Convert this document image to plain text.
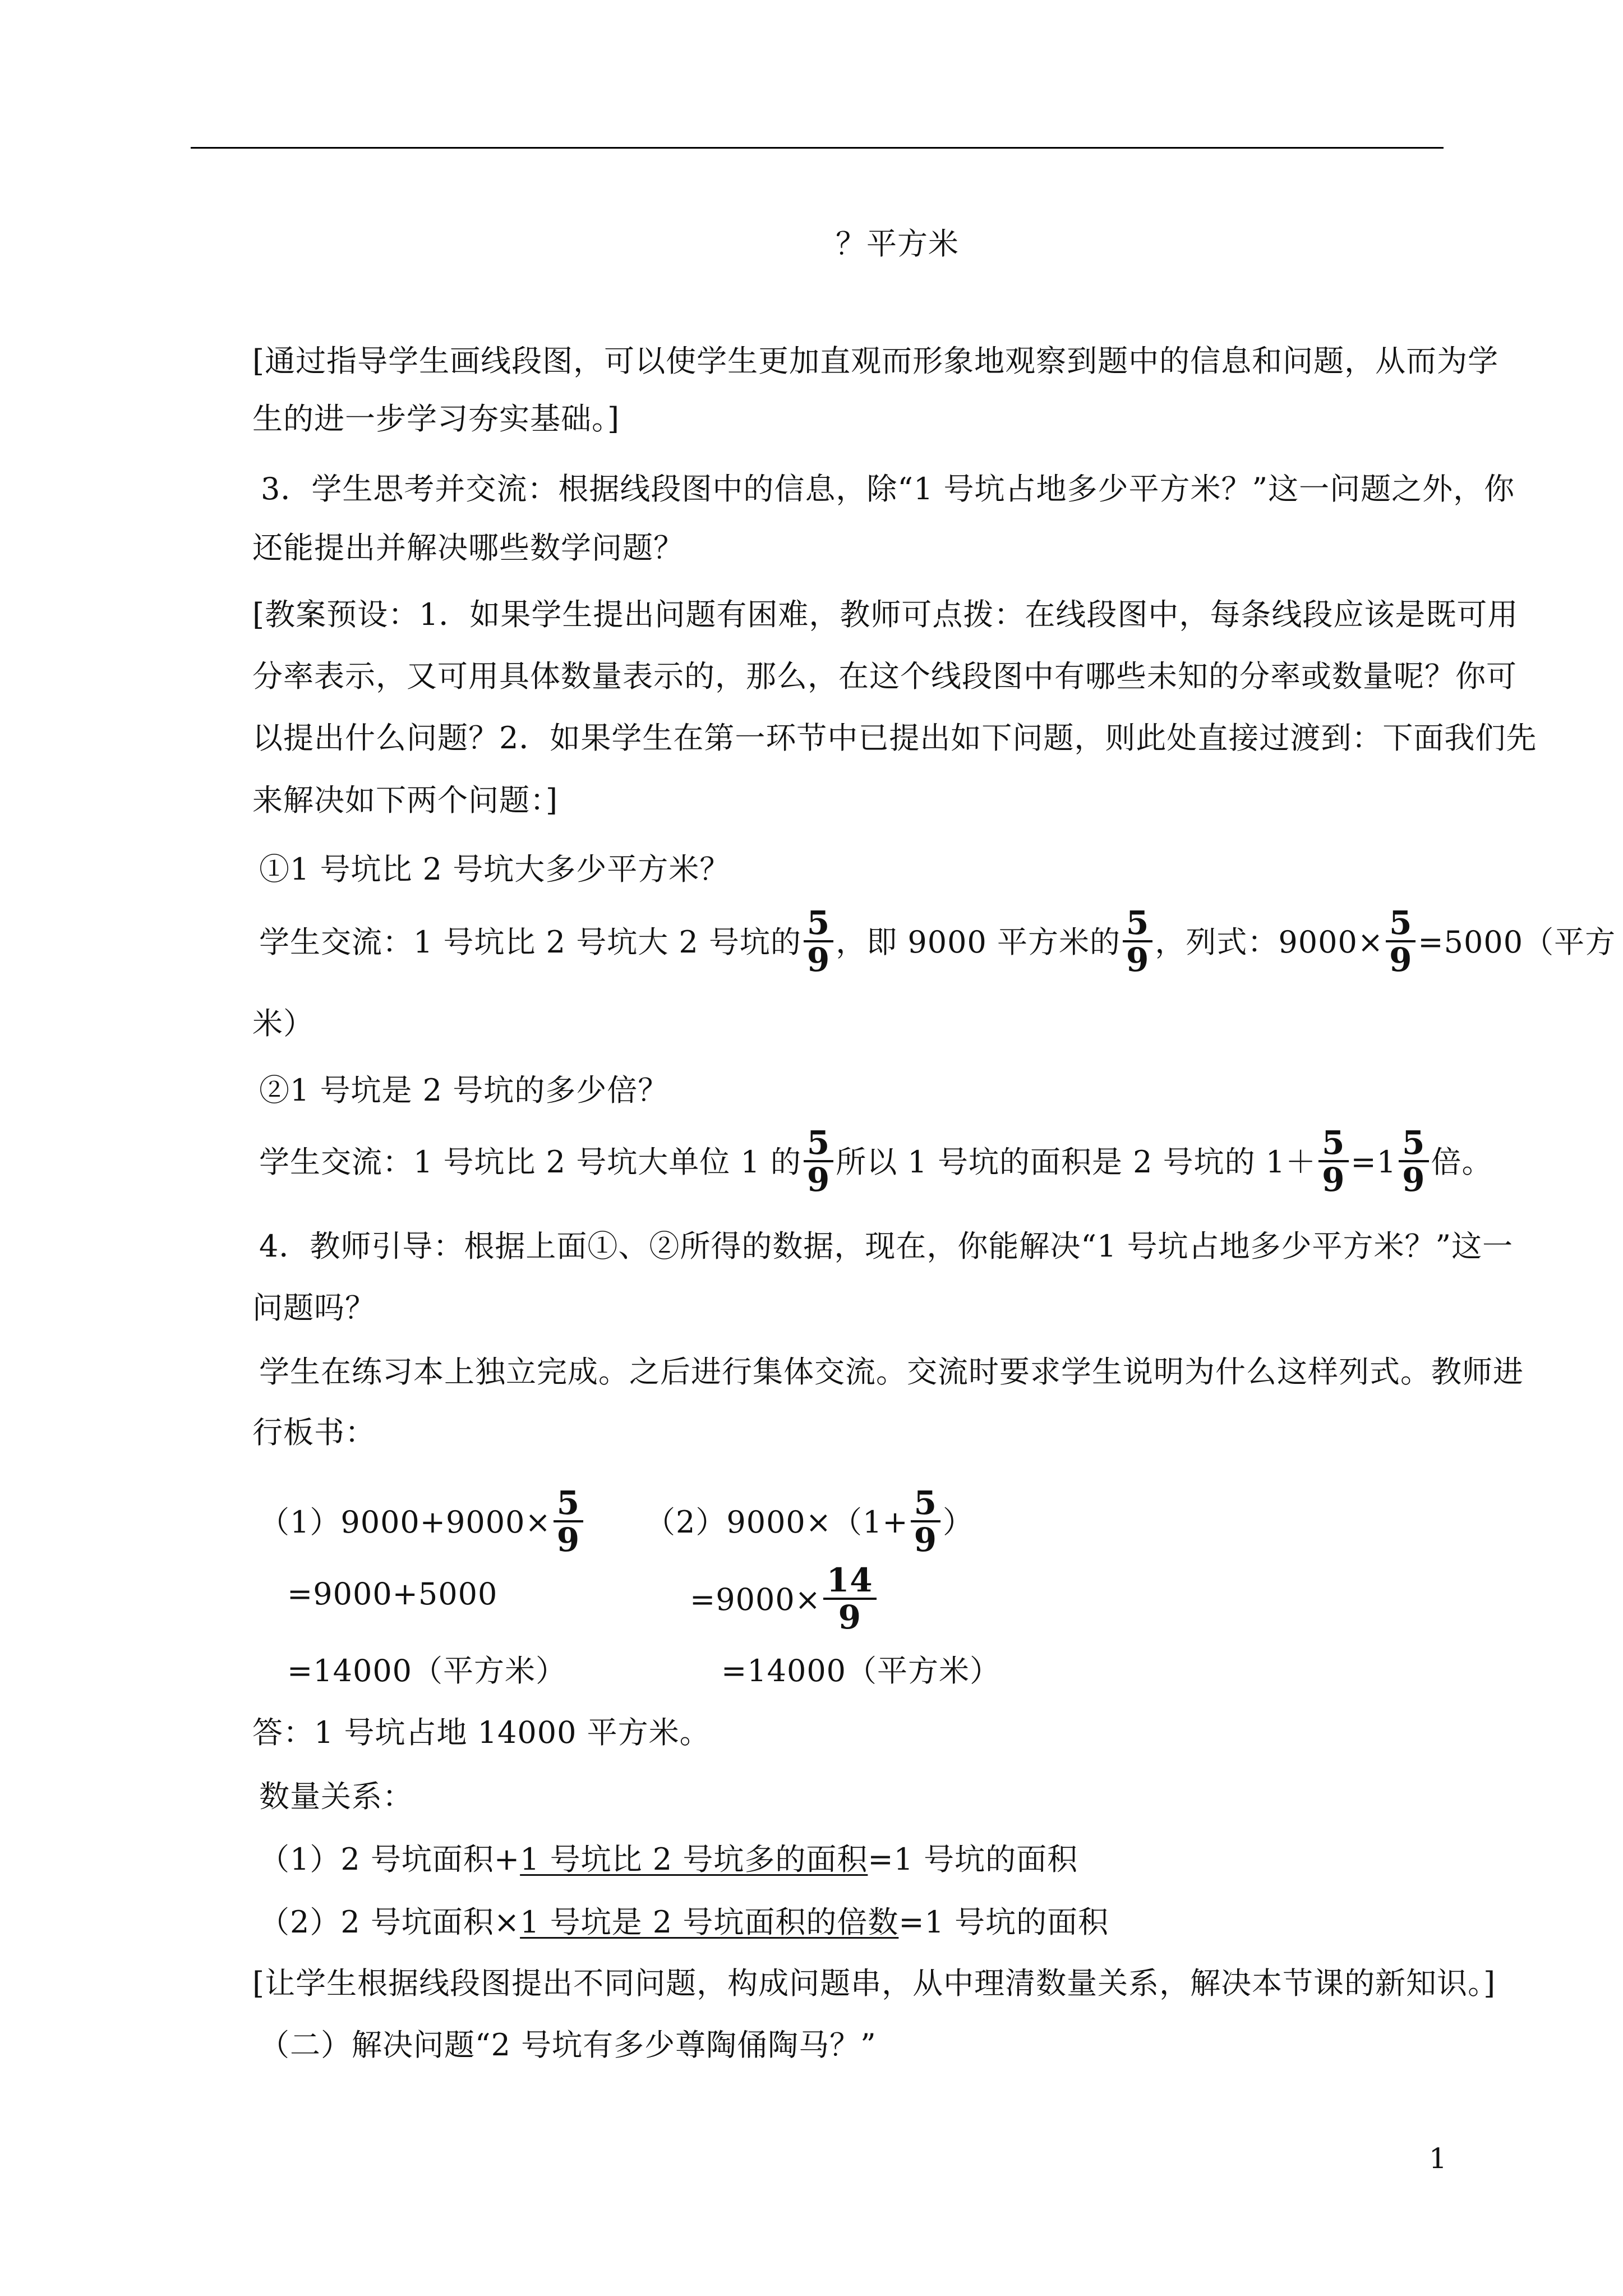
？平方米
[通过指导学生画线段图，可以使学生更加直观而形象地观察到题中的信息和问题，从而为学
生的进一步学习夯实基础。]
3．学生思考并交流：根据线段图中的信息，除“1 号坑占地多少平方米？”这一问题之外，你
还能提出并解决哪些数学问题？
[教案预设：1．如果学生提出问题有困难，教师可点拨：在线段图中，每条线段应该是既可用
分率表示，又可用具体数量表示的，那么，在这个线段图中有哪些未知的分率或数量呢？你可
以提出什么问题？2．如果学生在第一环节中已提出如下问题，则此处直接过渡到：下面我们先
来解决如下两个问题：]
①1 号坑比 2 号坑大多少平方米？
学生交流：1 号坑比 2 号坑大 2 号坑的 $\frac{5}{9}$ ，即 9000 平方米的 $\frac{5}{9}$ ，列式：$9000\times \frac{5}{9} =5000$（平方
米）
②1 号坑是 2 号坑的多少倍？
学生交流：1 号坑比 2 号坑大单位 1 的 $\frac{5}{9}$ 所以 1 号坑的面积是 2 号坑的 $1+ \frac{5}{9} =1 \frac{5}{9}$ 倍。
4．教师引导：根据上面①、②所得的数据，现在，你能解决“1 号坑占地多少平方米？”这一
问题吗？
学生在练习本上独立完成。之后进行集体交流。交流时要求学生说明为什么这样列式。教师进
行板书：
$(1)9000+9000\times \frac{5}{9} (2)9000\times(1+ \frac{5}{9}$ ）
=9000+5000	$=9000\times \frac{14}{9}$
=14000（平方米）	=14000（平方米）
答：1 号坑占地 14000 平方米。
数量关系：
（1）2 号坑面积+1 号坑比 2 号坑多的面积=1 号坑的面积
（2）2 号坑面积×1 号坑是 2 号坑面积的倍数=1 号坑的面积
[让学生根据线段图提出不同问题，构成问题串，从中理清数量关系，解决本节课的新知识。]
（二）解决问题“2 号坑有多少尊陶俑陶马？”
1
